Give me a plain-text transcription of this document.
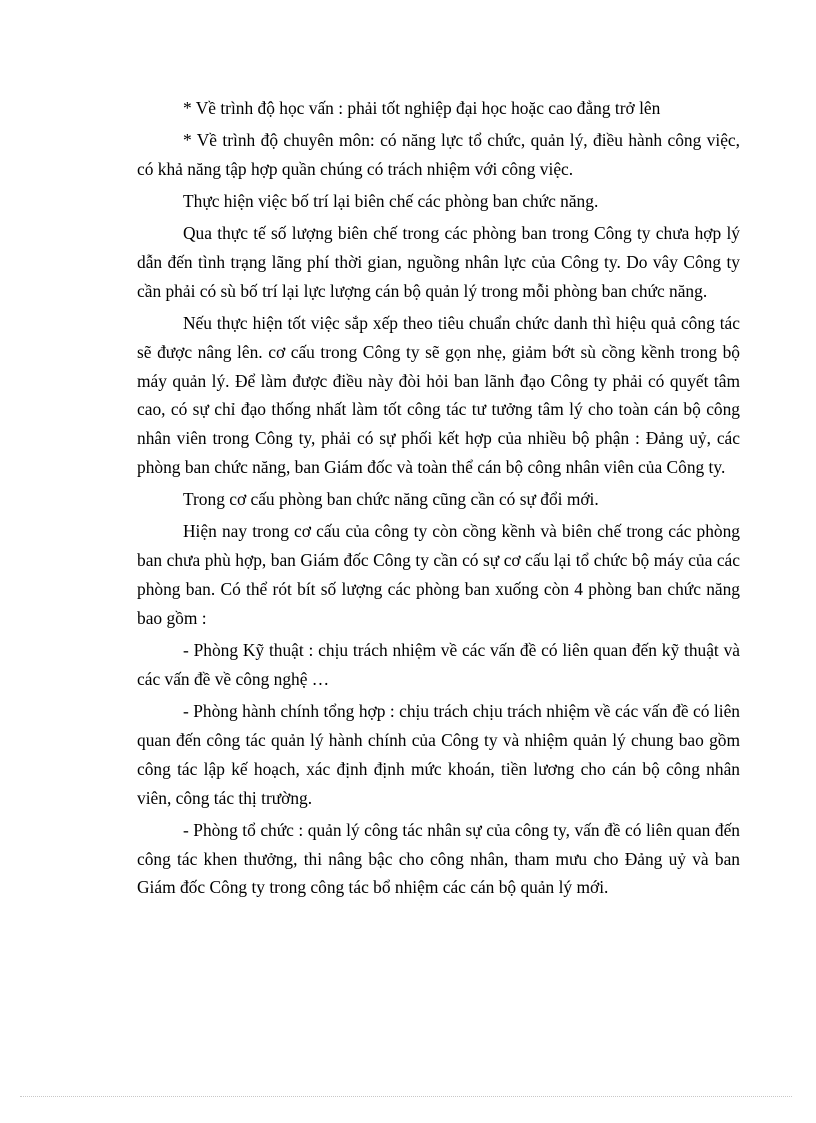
* Về trình độ học vấn : phải tốt nghiệp đại học hoặc cao đẳng trở lên

* Về trình độ chuyên môn: có năng lực tổ chức, quản lý, điều hành công việc, có khả năng tập hợp quần chúng có trách nhiệm với công việc.

Thực hiện việc bố trí lại biên chế các phòng ban chức năng.

Qua thực tế số lượng biên chế trong các phòng ban trong Công ty chưa hợp lý dẫn đến tình trạng lãng phí thời gian, nguồng nhân lực của Công ty. Do vây Công ty cần phải có sù bố trí lại lực lượng cán bộ quản lý trong mỗi phòng ban chức năng.

Nếu thực hiện tốt việc sắp xếp theo tiêu chuẩn chức danh thì hiệu quả công tác sẽ được nâng lên. cơ cấu trong Công ty sẽ gọn nhẹ, giảm bớt sù cồng kềnh trong bộ máy quản lý. Để làm được điều này đòi hỏi ban lãnh đạo Công ty phải có quyết tâm cao, có sự chỉ đạo thống nhất làm tốt công tác tư tưởng tâm lý cho toàn cán bộ công nhân viên trong Công ty, phải có sự phối kết hợp của nhiều bộ phận : Đảng uỷ, các phòng ban chức năng, ban Giám đốc và toàn thể cán bộ công nhân viên của Công ty.

Trong cơ cấu phòng ban chức năng cũng cần có sự đổi mới.

Hiện nay trong cơ cấu của công ty còn cồng kềnh và biên chế trong các phòng ban chưa phù hợp, ban Giám đốc Công ty cần có sự cơ cấu lại tổ chức bộ máy của các phòng ban. Có thể rót bít số lượng các phòng ban xuống còn 4 phòng ban chức năng bao gồm :

- Phòng Kỹ thuật : chịu trách nhiệm về các vấn đề có liên quan đến kỹ thuật và các vấn đề về công nghệ …

- Phòng hành chính tổng hợp : chịu trách chịu trách nhiệm về các vấn đề có liên quan đến công tác quản lý hành chính của Công ty và nhiệm quản lý chung bao gồm công tác lập kế hoạch, xác định định mức khoán, tiền lương cho cán bộ công nhân viên, công tác thị trường.

- Phòng tổ chức : quản lý công tác nhân sự của công ty, vấn đề có liên quan đến công tác khen thưởng, thi nâng bậc cho công nhân, tham mưu cho Đảng uỷ và ban Giám đốc Công ty trong công tác bổ nhiệm các cán bộ quản lý mới.
